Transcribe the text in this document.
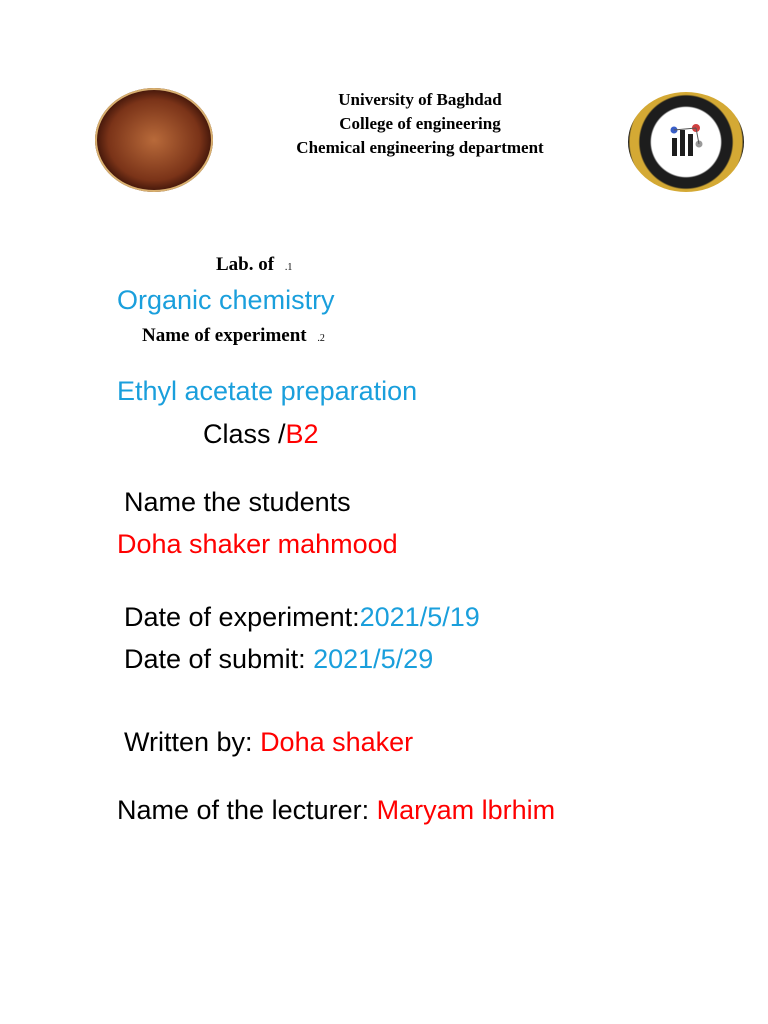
University of Baghdad
College of engineering
Chemical engineering department
Lab. of .1
Organic chemistry
Name of experiment .2
Ethyl acetate preparation
Class /B2
Name the students
Doha shaker mahmood
Date of experiment:2021/5/19
Date of submit: 2021/5/29
Written by: Doha shaker
Name of the lecturer: Maryam lbrhim
